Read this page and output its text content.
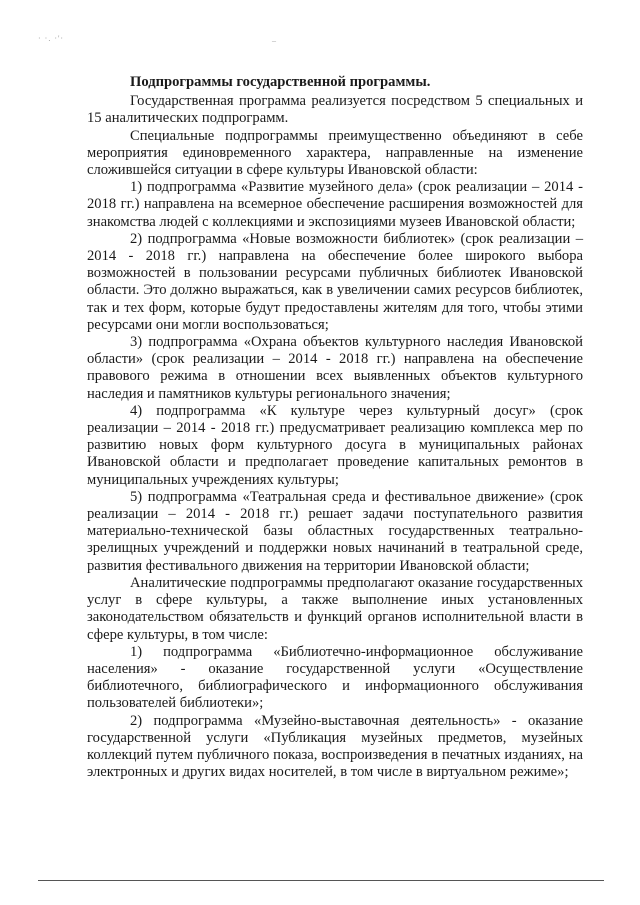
· ·. ·'·	–

Подпрограммы государственной программы.

Государственная программа реализуется посредством 5 специальных и 15 аналитических подпрограмм.

Специальные подпрограммы преимущественно объединяют в себе мероприятия единовременного характера, направленные на изменение сложившейся ситуации в сфере культуры Ивановской области:

1) подпрограмма «Развитие музейного дела» (срок реализации – 2014 - 2018 гг.) направлена на всемерное обеспечение расширения возможностей для знакомства людей с коллекциями и экспозициями музеев Ивановской области;

2) подпрограмма «Новые возможности библиотек» (срок реализации – 2014 - 2018 гг.) направлена на обеспечение более широкого выбора возможностей в пользовании ресурсами публичных библиотек Ивановской области. Это должно выражаться, как в увеличении самих ресурсов библиотек, так и тех форм, которые будут предоставлены жителям для того, чтобы этими ресурсами они могли воспользоваться;

3) подпрограмма «Охрана объектов культурного наследия Ивановской области» (срок реализации – 2014 - 2018 гг.) направлена на обеспечение правового режима в отношении всех выявленных объектов культурного наследия и памятников культуры регионального значения;

4) подпрограмма «К культуре через культурный досуг» (срок реализации – 2014 - 2018 гг.) предусматривает реализацию комплекса мер по развитию новых форм культурного досуга в муниципальных районах Ивановской области и предполагает проведение капитальных ремонтов в муниципальных учреждениях культуры;

5) подпрограмма «Театральная среда и фестивальное движение» (срок реализации – 2014 - 2018 гг.) решает задачи поступательного развития материально-технической базы областных государственных театрально-зрелищных учреждений и поддержки новых начинаний в театральной среде, развития фестивального движения на территории Ивановской области;

Аналитические подпрограммы предполагают оказание государственных услуг в сфере культуры, а также выполнение иных установленных законодательством обязательств и функций органов исполнительной власти в сфере культуры, в том числе:

1) подпрограмма «Библиотечно-информационное обслуживание населения» - оказание государственной услуги «Осуществление библиотечного, библиографического и информационного обслуживания пользователей библиотеки»;

2) подпрограмма «Музейно-выставочная деятельность» - оказание государственной услуги «Публикация музейных предметов, музейных коллекций путем публичного показа, воспроизведения в печатных изданиях, на электронных и других видах носителей, в том числе в виртуальном режиме»;
